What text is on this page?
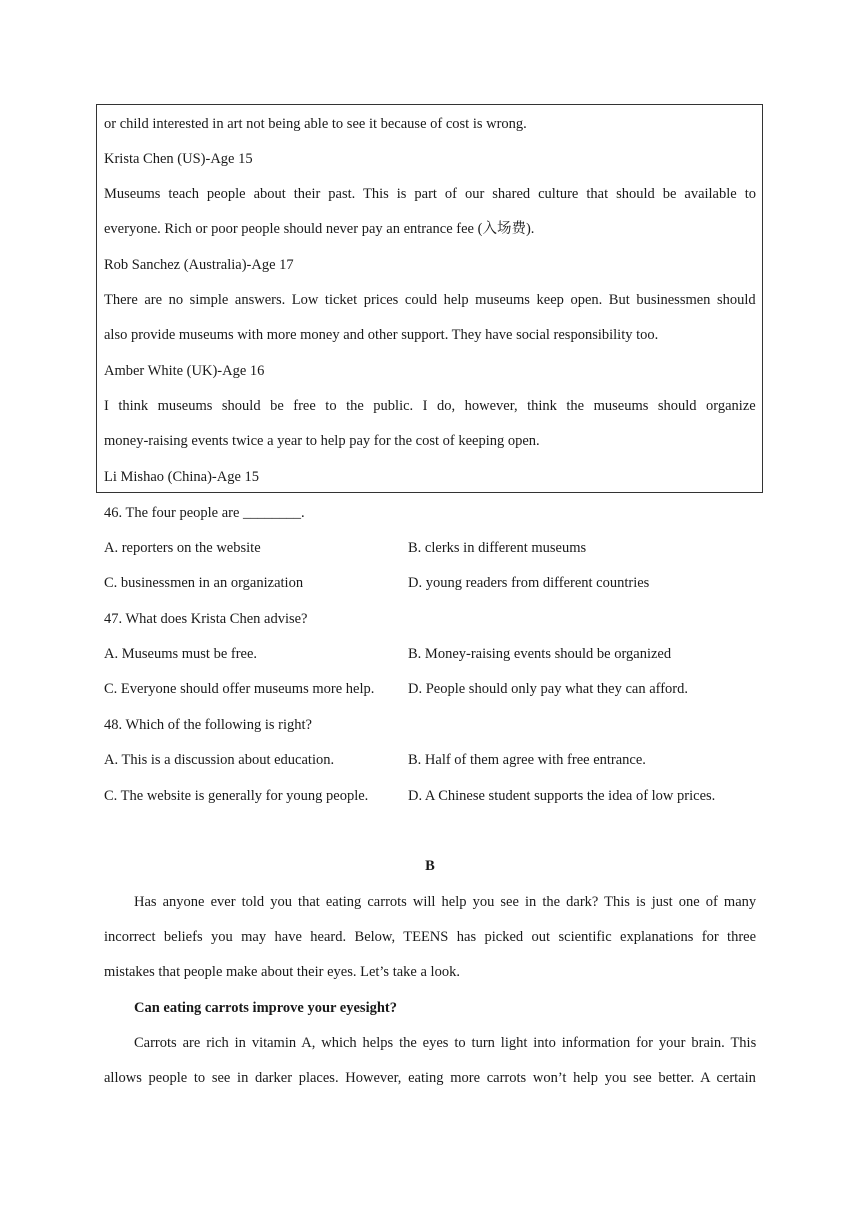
or child interested in art not being able to see it because of cost is wrong.
Krista Chen (US)-Age 15
Museums teach people about their past. This is part of our shared culture that should be available to
everyone. Rich or poor people should never pay an entrance fee (入场费).
Rob Sanchez (Australia)-Age 17
There are no simple answers. Low ticket prices could help museums keep open. But businessmen should
also provide museums with more money and other support. They have social responsibility too.
Amber White (UK)-Age 16
I think museums should be free to the public. I do, however, think the museums should organize
money-raising events twice a year to help pay for the cost of keeping open.
Li Mishao (China)-Age 15
46. The four people are ________.
A. reporters on the website	B. clerks in different museums
C. businessmen in an organization	D. young readers from different countries
47. What does Krista Chen advise?
A. Museums must be free.	B. Money-raising events should be organized
C. Everyone should offer museums more help. D. People should only pay what they can afford.
48. Which of the following is right?
A. This is a discussion about education.	B. Half of them agree with free entrance.
C. The website is generally for young people.	D. A Chinese student supports the idea of low prices.
B
Has anyone ever told you that eating carrots will help you see in the dark? This is just one of many
incorrect beliefs you may have heard. Below, TEENS has picked out scientific explanations for three
mistakes that people make about their eyes. Let’s take a look.
Can eating carrots improve your eyesight?
Carrots are rich in vitamin A, which helps the eyes to turn light into information for your brain. This
allows people to see in darker places. However, eating more carrots won’t help you see better. A certain
